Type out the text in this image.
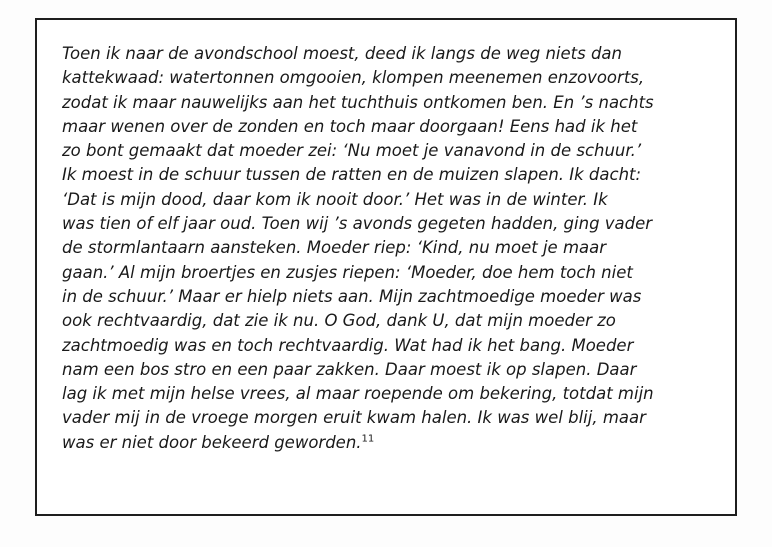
Toen ik naar de avondschool moest, deed ik langs de weg niets dan
kattekwaad: watertonnen omgooien, klompen meenemen enzovoorts,
zodat ik maar nauwelijks aan het tuchthuis ontkomen ben. En ’s nachts
maar wenen over de zonden en toch maar doorgaan! Eens had ik het
zo bont gemaakt dat moeder zei: ‘Nu moet je vanavond in de schuur.’
Ik moest in de schuur tussen de ratten en de muizen slapen. Ik dacht:
‘Dat is mijn dood, daar kom ik nooit door.’ Het was in de winter. Ik
was tien of elf jaar oud. Toen wij ’s avonds gegeten hadden, ging vader
de stormlantaarn aansteken. Moeder riep: ‘Kind, nu moet je maar
gaan.’ Al mijn broertjes en zusjes riepen: ‘Moeder, doe hem toch niet
in de schuur.’ Maar er hielp niets aan. Mijn zachtmoedige moeder was
ook rechtvaardig, dat zie ik nu. O God, dank U, dat mijn moeder zo
zachtmoedig was en toch rechtvaardig. Wat had ik het bang. Moeder
nam een bos stro en een paar zakken. Daar moest ik op slapen. Daar
lag ik met mijn helse vrees, al maar roepende om bekering, totdat mijn
vader mij in de vroege morgen eruit kwam halen. Ik was wel blij, maar
was er niet door bekeerd geworden.$^{11}$
